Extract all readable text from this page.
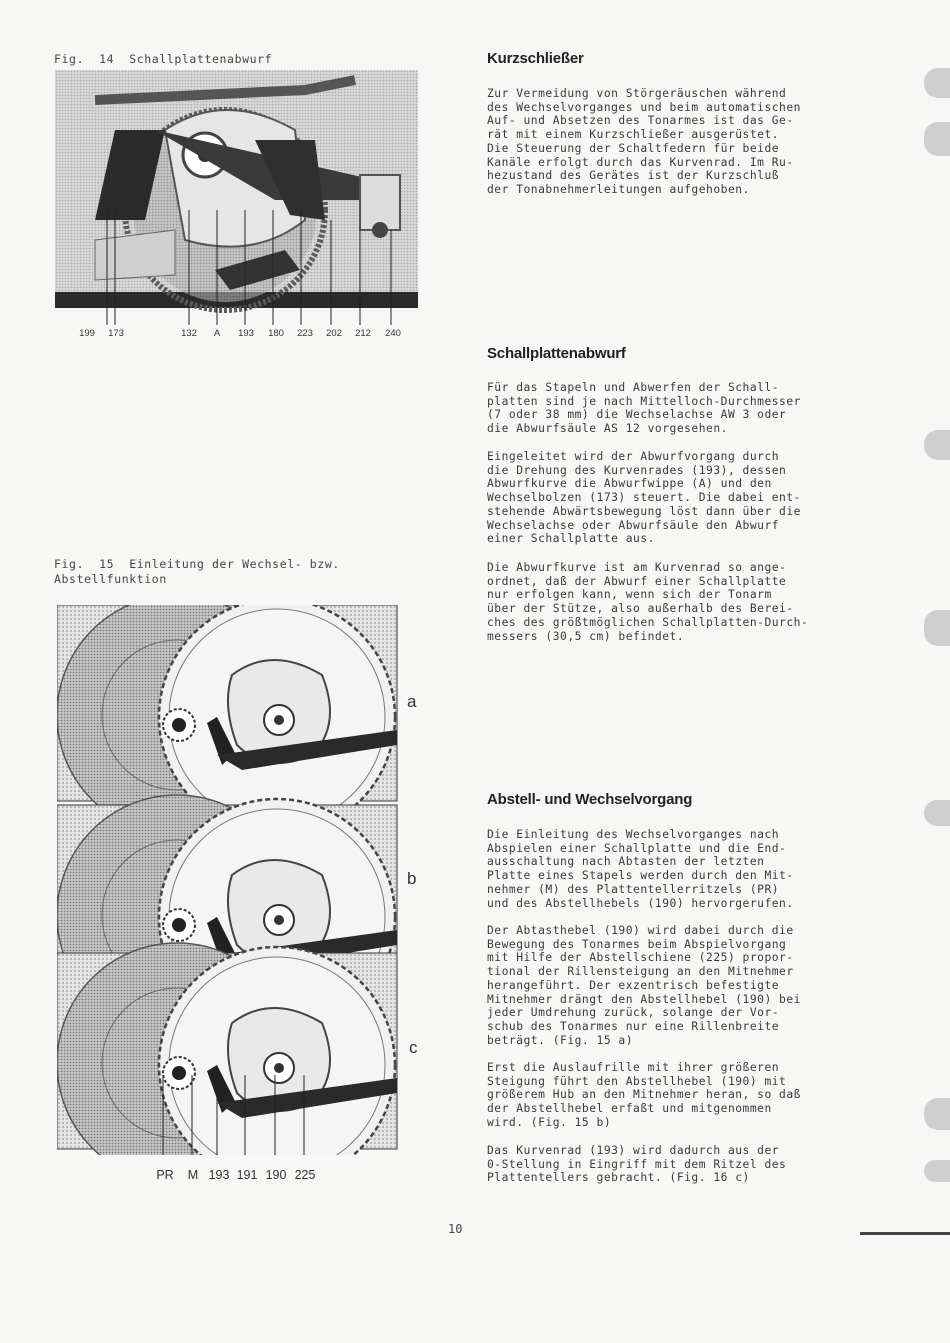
Fig.  14  Schallplattenabwurf
199 173	132 A 193 180 223 202 212 240
Fig.  15  Einleitung der Wechsel- bzw.
Abstellfunktion
a
b
c
PR M 193 191 190 225
Kurzschließer
Zur Vermeidung von Störgeräuschen während
des Wechselvorganges und beim automatischen
Auf- und Absetzen des Tonarmes ist das Ge-
rät mit einem Kurzschließer ausgerüstet.
Die Steuerung der Schaltfedern für beide
Kanäle erfolgt durch das Kurvenrad. Im Ru-
hezustand des Gerätes ist der Kurzschluß
der Tonabnehmerleitungen aufgehoben.
Schallplattenabwurf
Für das Stapeln und Abwerfen der Schall-
platten sind je nach Mittelloch-Durchmesser
(7 oder 38 mm) die Wechselachse AW 3 oder
die Abwurfsäule AS 12 vorgesehen.
Eingeleitet wird der Abwurfvorgang durch
die Drehung des Kurvenrades (193), dessen
Abwurfkurve die Abwurfwippe (A) und den
Wechselbolzen (173) steuert. Die dabei ent-
stehende Abwärtsbewegung löst dann über die
Wechselachse oder Abwurfsäule den Abwurf
einer Schallplatte aus.
Die Abwurfkurve ist am Kurvenrad so ange-
ordnet, daß der Abwurf einer Schallplatte
nur erfolgen kann, wenn sich der Tonarm
über der Stütze, also außerhalb des Berei-
ches des größtmöglichen Schallplatten-Durch-
messers (30,5 cm) befindet.
Abstell- und Wechselvorgang
Die Einleitung des Wechselvorganges nach
Abspielen einer Schallplatte und die End-
ausschaltung nach Abtasten der letzten
Platte eines Stapels werden durch den Mit-
nehmer (M) des Plattentellerritzels (PR)
und des Abstellhebels (190) hervorgerufen.
Der Abtasthebel (190) wird dabei durch die
Bewegung des Tonarmes beim Abspielvorgang
mit Hilfe der Abstellschiene (225) propor-
tional der Rillensteigung an den Mitnehmer
herangeführt. Der exzentrisch befestigte
Mitnehmer drängt den Abstellhebel (190) bei
jeder Umdrehung zurück, solange der Vor-
schub des Tonarmes nur eine Rillenbreite
beträgt. (Fig. 15 a)
Erst die Auslaufrille mit ihrer größeren
Steigung führt den Abstellhebel (190) mit
größerem Hub an den Mitnehmer heran, so daß
der Abstellhebel erfaßt und mitgenommen
wird. (Fig. 15 b)
Das Kurvenrad (193) wird dadurch aus der
0-Stellung in Eingriff mit dem Ritzel des
Plattentellers gebracht. (Fig. 16 c)
10
